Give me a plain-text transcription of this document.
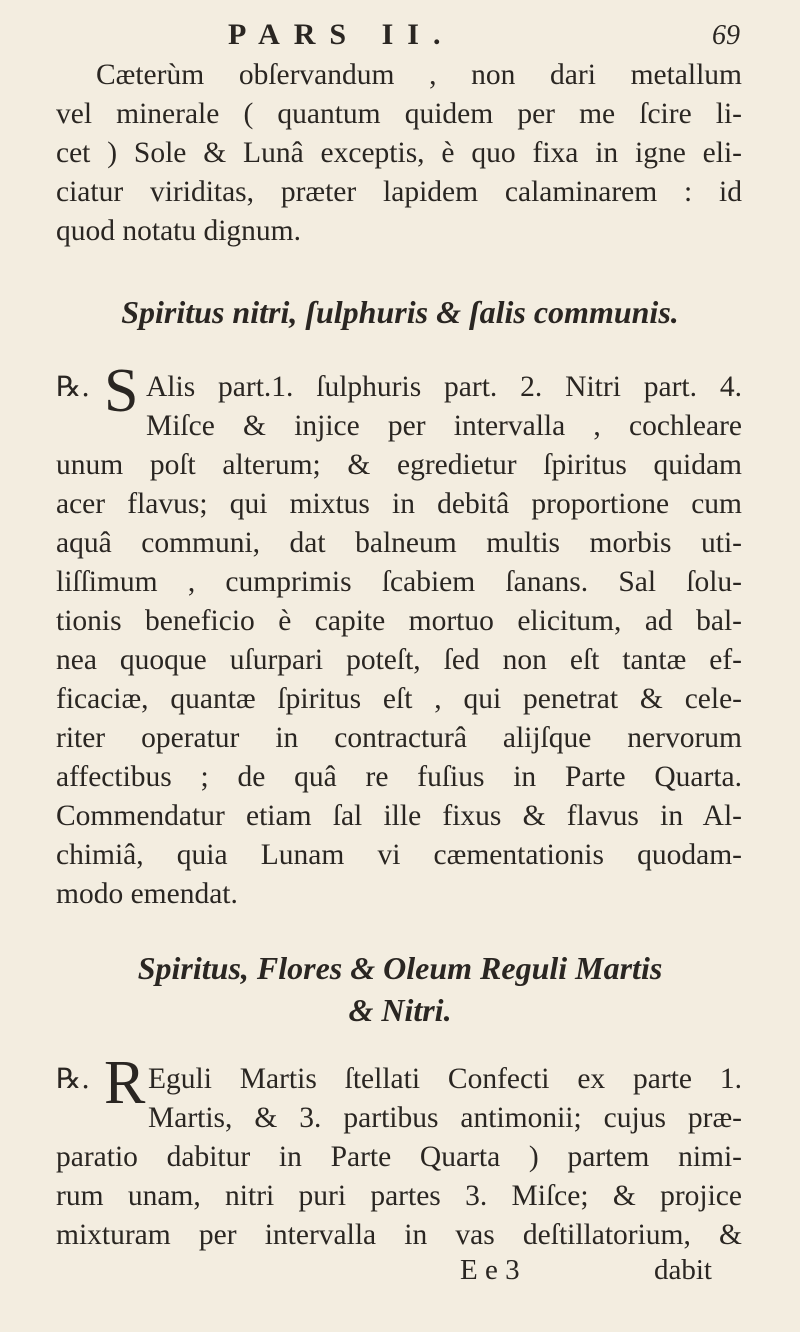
PARS II.	69
Cæterùm obſervandum , non dari metallum
vel minerale ( quantum quidem per me ſcire li-
cet ) Sole & Lunâ exceptis, è quo fixa in igne eli-
ciatur viriditas, præter lapidem calaminarem : id
quod notatu dignum.
Spiritus nitri, ſulphuris & ſalis communis.
℞. S Alis part.1. ſulphuris part. 2. Nitri part. 4.
Miſce & injice per intervalla , cochleare
unum poſt alterum; & egredietur ſpiritus quidam
acer flavus; qui mixtus in debitâ proportione cum
aquâ communi, dat balneum multis morbis uti-
liſſimum , cumprimis ſcabiem ſanans. Sal ſolu-
tionis beneficio è capite mortuo elicitum, ad bal-
nea quoque uſurpari poteſt, ſed non eſt tantæ ef-
ficaciæ, quantæ ſpiritus eſt , qui penetrat & cele-
riter operatur in contracturâ alijſque nervorum
affectibus ; de quâ re fuſius in Parte Quarta.
Commendatur etiam ſal ille fixus & flavus in Al-
chimiâ, quia Lunam vi cæmentationis quodam-
modo emendat.
Spiritus, Flores & Oleum Reguli Martis
& Nitri.
℞. R Eguli Martis ſtellati Confecti ex parte 1.
Martis, & 3. partibus antimonii; cujus præ-
paratio dabitur in Parte Quarta ) partem nimi-
rum unam, nitri puri partes 3. Miſce; & projice
mixturam per intervalla in vas deſtillatorium, &
E e 3	dabit
